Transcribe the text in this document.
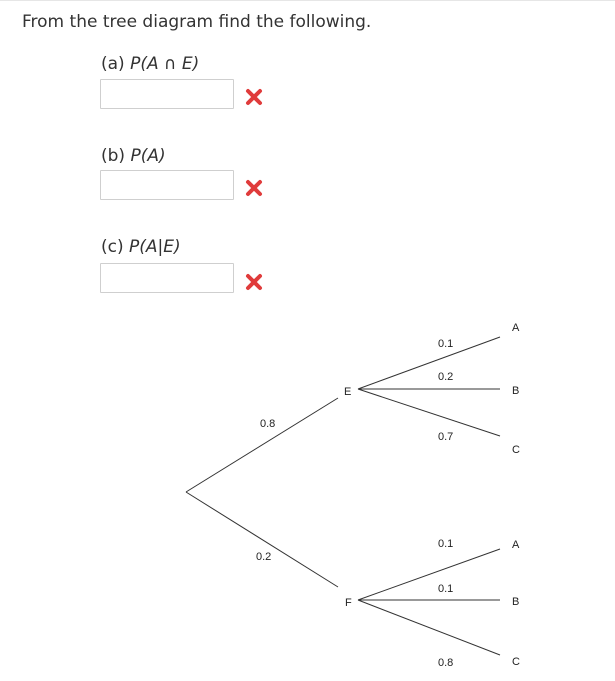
From the tree diagram find the following.
(a) P(A ∩ E)
(b) P(A)
(c) P(A|E)
0.8
0.2
E
F
0.1
0.2
0.7
0.1
0.1
0.8
A
B
C
A
B
C
